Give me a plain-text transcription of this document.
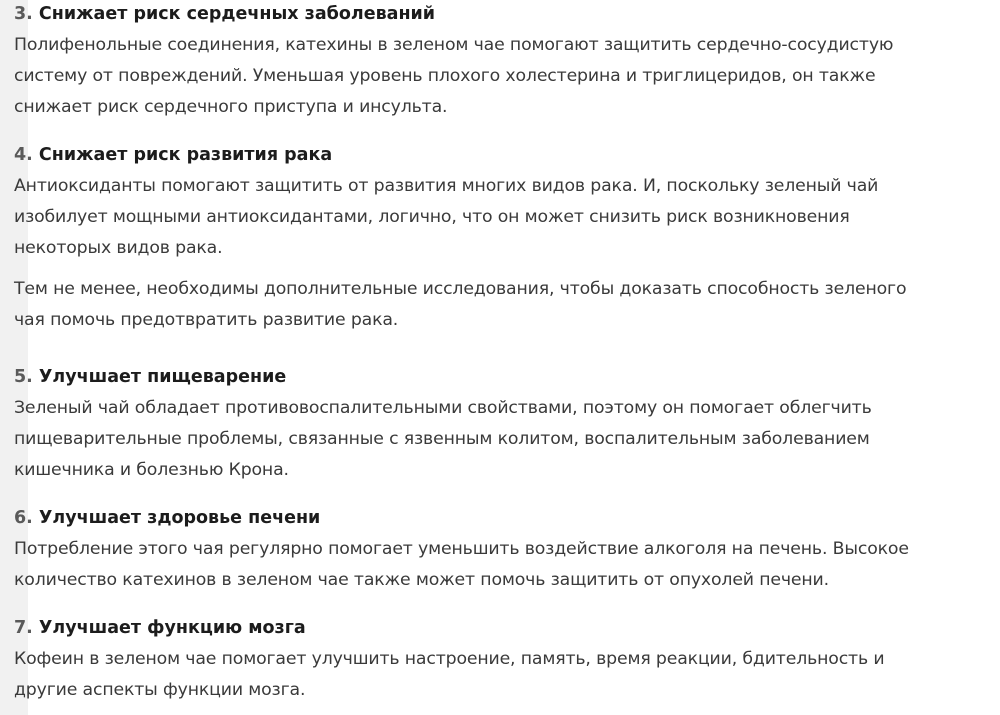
3. Снижает риск сердечных заболеваний

Полифенольные соединения, катехины в зеленом чае помогают защитить сердечно-сосудистую
систему от повреждений. Уменьшая уровень плохого холестерина и триглицеридов, он также
снижает риск сердечного приступа и инсульта.

4. Снижает риск развития рака

Антиоксиданты помогают защитить от развития многих видов рака. И, поскольку зеленый чай
изобилует мощными антиоксидантами, логично, что он может снизить риск возникновения
некоторых видов рака.

Тем не менее, необходимы дополнительные исследования, чтобы доказать способность зеленого
чая помочь предотвратить развитие рака.

5. Улучшает пищеварение

Зеленый чай обладает противовоспалительными свойствами, поэтому он помогает облегчить
пищеварительные проблемы, связанные с язвенным колитом, воспалительным заболеванием
кишечника и болезнью Крона.

6. Улучшает здоровье печени

Потребление этого чая регулярно помогает уменьшить воздействие алкоголя на печень. Высокое
количество катехинов в зеленом чае также может помочь защитить от опухолей печени.

7. Улучшает функцию мозга

Кофеин в зеленом чае помогает улучшить настроение, память, время реакции, бдительность и
другие аспекты функции мозга.
